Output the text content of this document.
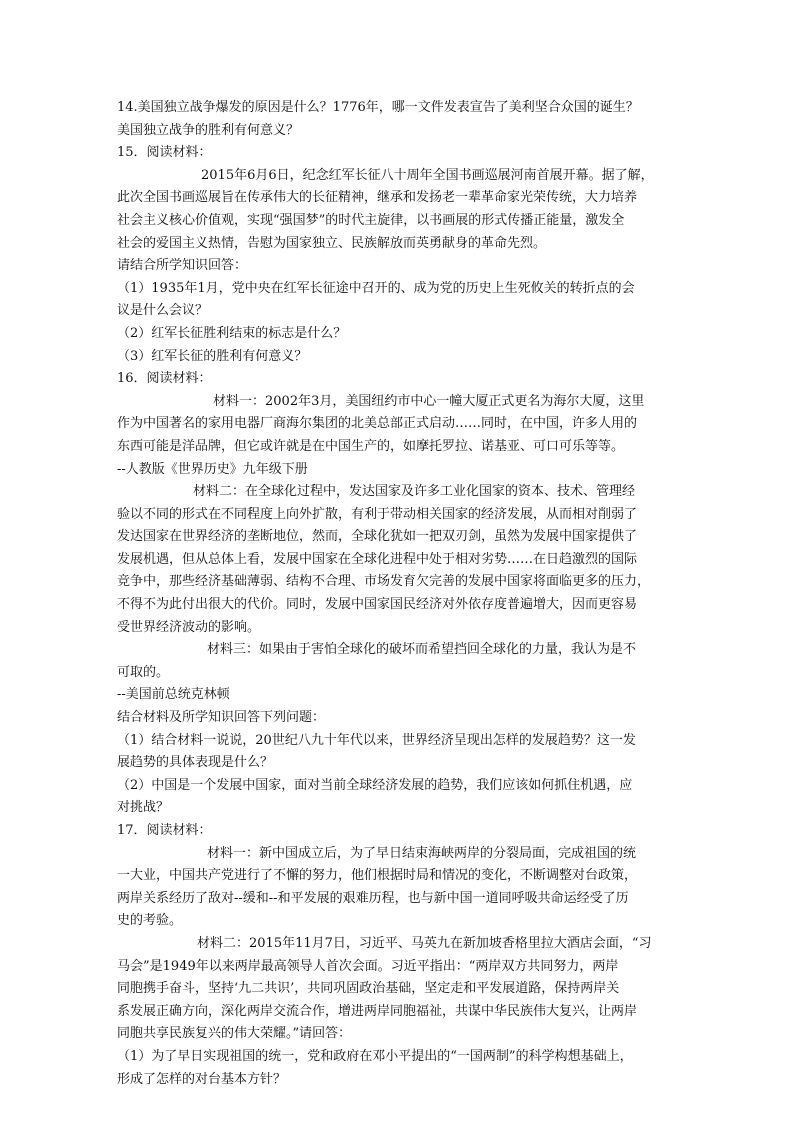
14.美国独立战争爆发的原因是什么？1776年，哪一文件发表宣告了美利坚合众国的诞生？
美国独立战争的胜利有何意义？
15．阅读材料：
2015年6月6日，纪念红军长征八十周年全国书画巡展河南首展开幕。据了解，
此次全国书画巡展旨在传承伟大的长征精神，继承和发扬老一辈革命家光荣传统，大力培养
社会主义核心价值观，实现“强国梦”的时代主旋律，以书画展的形式传播正能量，激发全
社会的爱国主义热情，告慰为国家独立、民族解放而英勇献身的革命先烈。
请结合所学知识回答：
（1）1935年1月，党中央在红军长征途中召开的、成为党的历史上生死攸关的转折点的会
议是什么会议？
（2）红军长征胜利结束的标志是什么？
（3）红军长征的胜利有何意义？
16．阅读材料：
材料一：2002年3月，美国纽约市中心一幢大厦正式更名为海尔大厦，这里
作为中国著名的家用电器厂商海尔集团的北美总部正式启动……同时，在中国，许多人用的
东西可能是洋品牌，但它或许就是在中国生产的，如摩托罗拉、诺基亚、可口可乐等等。
--人教版《世界历史》九年级下册
材料二：在全球化过程中，发达国家及许多工业化国家的资本、技术、管理经
验以不同的形式在不同程度上向外扩散，有利于带动相关国家的经济发展，从而相对削弱了
发达国家在世界经济的垄断地位，然而，全球化犹如一把双刃剑，虽然为发展中国家提供了
发展机遇，但从总体上看，发展中国家在全球化进程中处于相对劣势……在日趋激烈的国际
竞争中，那些经济基础薄弱、结构不合理、市场发育欠完善的发展中国家将面临更多的压力，
不得不为此付出很大的代价。同时，发展中国家国民经济对外依存度普遍增大，因而更容易
受世界经济波动的影响。
材料三：如果由于害怕全球化的破坏而希望挡回全球化的力量，我认为是不
可取的。
--美国前总统克林顿
结合材料及所学知识回答下列问题：
（1）结合材料一说说，20世纪八九十年代以来，世界经济呈现出怎样的发展趋势？这一发
展趋势的具体表现是什么？
（2）中国是一个发展中国家，面对当前全球经济发展的趋势，我们应该如何抓住机遇，应
对挑战？
17．阅读材料：
材料一：新中国成立后，为了早日结束海峡两岸的分裂局面，完成祖国的统
一大业，中国共产党进行了不懈的努力，他们根据时局和情况的变化，不断调整对台政策，
两岸关系经历了敌对--缓和--和平发展的艰难历程，也与新中国一道同呼吸共命运经受了历
史的考验。
材料二：2015年11月7日，习近平、马英九在新加坡香格里拉大酒店会面，“习
马会”是1949年以来两岸最高领导人首次会面。习近平指出：“两岸双方共同努力，两岸
同胞携手奋斗，坚持‘九二共识’，共同巩固政治基础，坚定走和平发展道路，保持两岸关
系发展正确方向，深化两岸交流合作，增进两岸同胞福祉，共谋中华民族伟大复兴，让两岸
同胞共享民族复兴的伟大荣耀。”请回答：
（1）为了早日实现祖国的统一，党和政府在邓小平提出的“一国两制”的科学构想基础上，
形成了怎样的对台基本方针？
